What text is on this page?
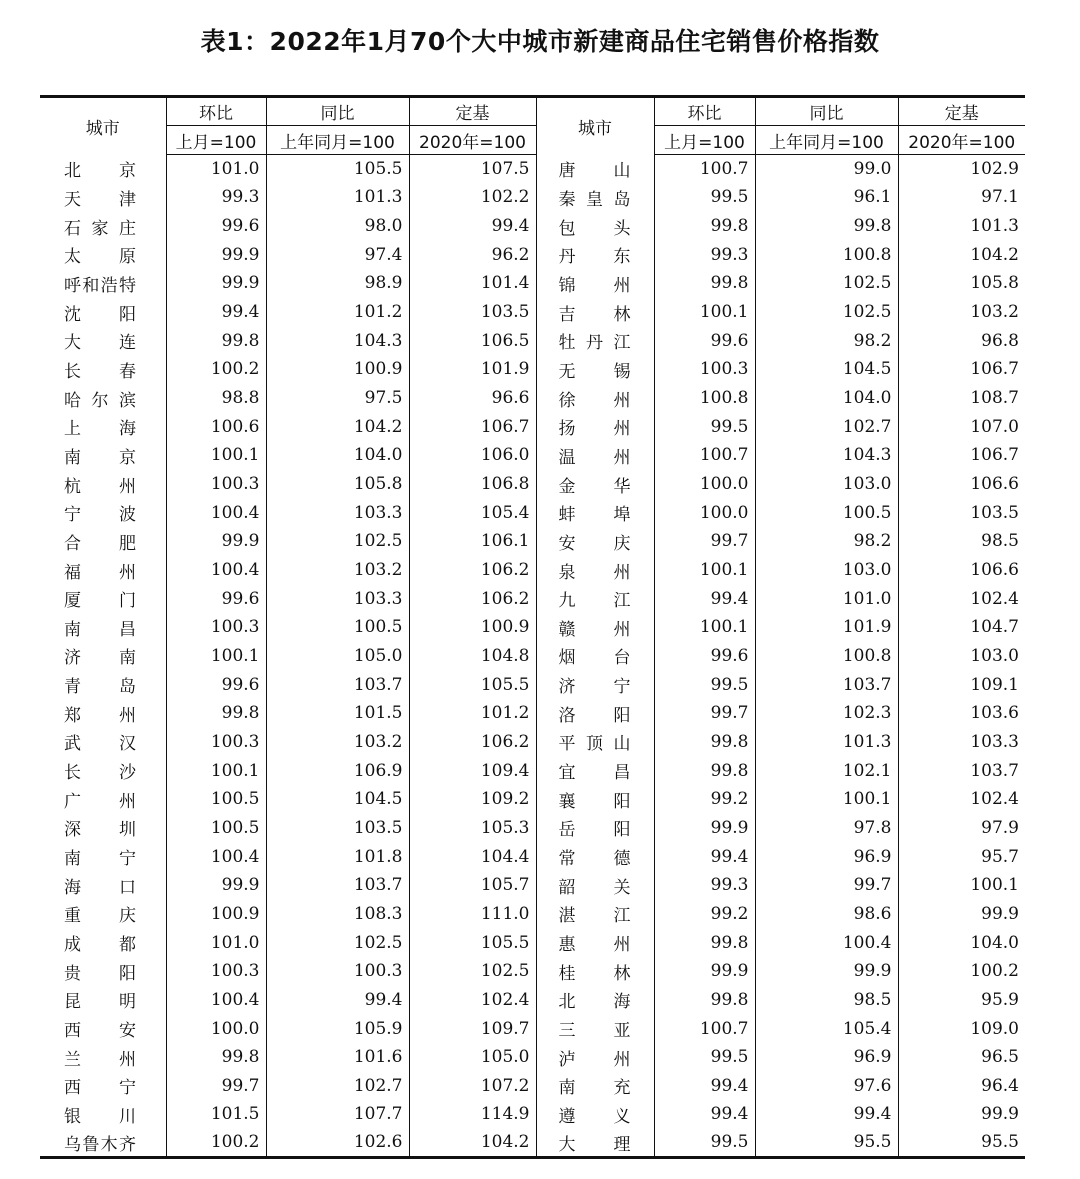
表1：2022年1月70个大中城市新建商品住宅销售价格指数
城市	环比	同比	定基	城市	环比	同比	定基
	上月=100	上年同月=100	2020年=100		上月=100	上年同月=100	2020年=100

北 京	101.0	105.5	107.5	唐 山	100.7	99.0	102.9

天 津	99.3	101.3	102.2	秦 皇 岛	99.5	96.1	97.1

石 家 庄	99.6	98.0	99.4	包 头	99.8	99.8	101.3

太 原	99.9	97.4	96.2	丹 东	99.3	100.8	104.2

呼 和 浩 特	99.9	98.9	101.4	锦 州	99.8	102.5	105.8

沈 阳	99.4	101.2	103.5	吉 林	100.1	102.5	103.2

大 连	99.8	104.3	106.5	牡 丹 江	99.6	98.2	96.8

长 春	100.2	100.9	101.9	无 锡	100.3	104.5	106.7

哈 尔 滨	98.8	97.5	96.6	徐 州	100.8	104.0	108.7

上 海	100.6	104.2	106.7	扬 州	99.5	102.7	107.0

南 京	100.1	104.0	106.0	温 州	100.7	104.3	106.7

杭 州	100.3	105.8	106.8	金 华	100.0	103.0	106.6

宁 波	100.4	103.3	105.4	蚌 埠	100.0	100.5	103.5

合 肥	99.9	102.5	106.1	安 庆	99.7	98.2	98.5

福 州	100.4	103.2	106.2	泉 州	100.1	103.0	106.6

厦 门	99.6	103.3	106.2	九 江	99.4	101.0	102.4

南 昌	100.3	100.5	100.9	赣 州	100.1	101.9	104.7

济 南	100.1	105.0	104.8	烟 台	99.6	100.8	103.0

青 岛	99.6	103.7	105.5	济 宁	99.5	103.7	109.1

郑 州	99.8	101.5	101.2	洛 阳	99.7	102.3	103.6

武 汉	100.3	103.2	106.2	平 顶 山	99.8	101.3	103.3

长 沙	100.1	106.9	109.4	宜 昌	99.8	102.1	103.7

广 州	100.5	104.5	109.2	襄 阳	99.2	100.1	102.4

深 圳	100.5	103.5	105.3	岳 阳	99.9	97.8	97.9

南 宁	100.4	101.8	104.4	常 德	99.4	96.9	95.7

海 口	99.9	103.7	105.7	韶 关	99.3	99.7	100.1

重 庆	100.9	108.3	111.0	湛 江	99.2	98.6	99.9

成 都	101.0	102.5	105.5	惠 州	99.8	100.4	104.0

贵 阳	100.3	100.3	102.5	桂 林	99.9	99.9	100.2

昆 明	100.4	99.4	102.4	北 海	99.8	98.5	95.9

西 安	100.0	105.9	109.7	三 亚	100.7	105.4	109.0

兰 州	99.8	101.6	105.0	泸 州	99.5	96.9	96.5

西 宁	99.7	102.7	107.2	南 充	99.4	97.6	96.4

银 川	101.5	107.7	114.9	遵 义	99.4	99.4	99.9

乌 鲁 木 齐	100.2	102.6	104.2	大 理	99.5	95.5	95.5
